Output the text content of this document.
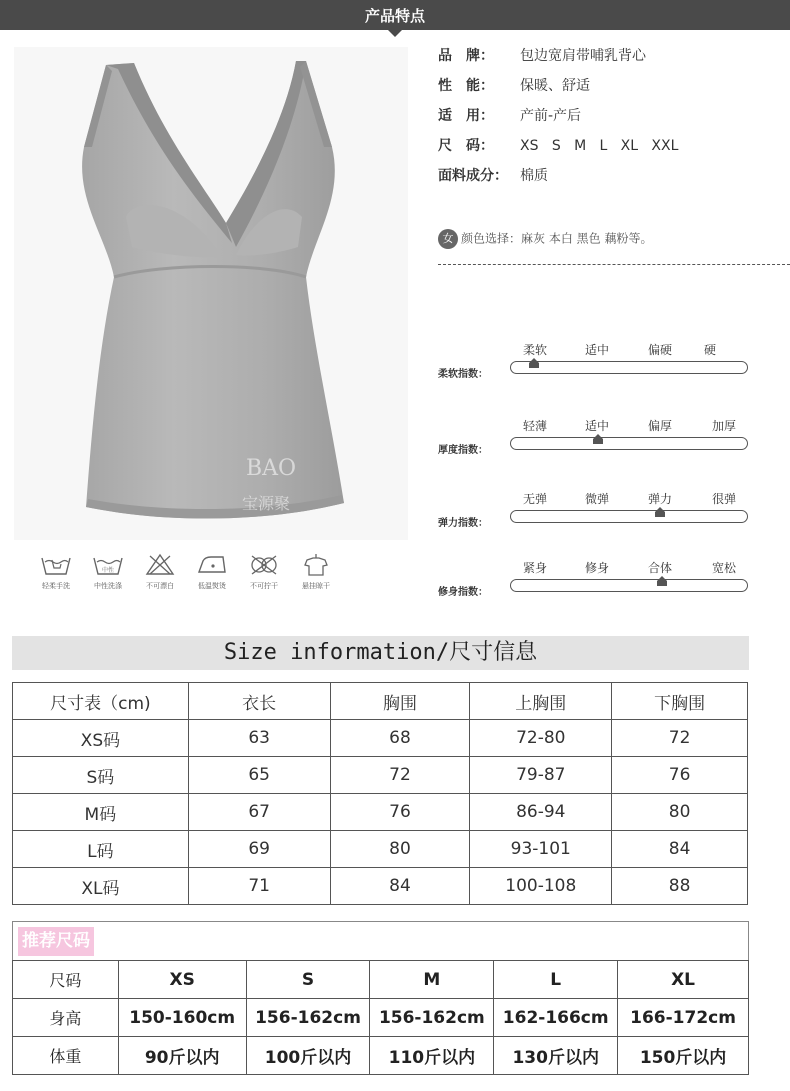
产品特点
BAO
宝源聚
轻柔手洗
中性
中性洗涤	不可漂白	低温熨烫	不可拧干	悬挂晾干
品　牌： 包边宽肩带哺乳背心
性　能： 保暖、舒适
适　用： 产前-产后
尺　码： XS   S   M   L   XL   XXL
面料成分： 棉质
女 颜色选择：麻灰 本白 黑色 藕粉等。
柔软指数：
柔软	适中	偏硬	硬
厚度指数：
轻薄	适中	偏厚	加厚
弹力指数：
无弹	微弹	弹力	很弹
修身指数：
紧身	修身	合体	宽松
Size information/尺寸信息
尺寸表（cm)	衣长	胸围	上胸围	下胸围
XS码	63	68	72-80	72
S码	65	72	79-87	76
M码	67	76	86-94	80
L码	69	80	93-101	84
XL码	71	84	100-108	88
推荐尺码
尺码	XS	S	M	L	XL
身高	150-160cm	156-162cm	156-162cm	162-166cm	166-172cm
体重	90斤以内	100斤以内	110斤以内	130斤以内	150斤以内
